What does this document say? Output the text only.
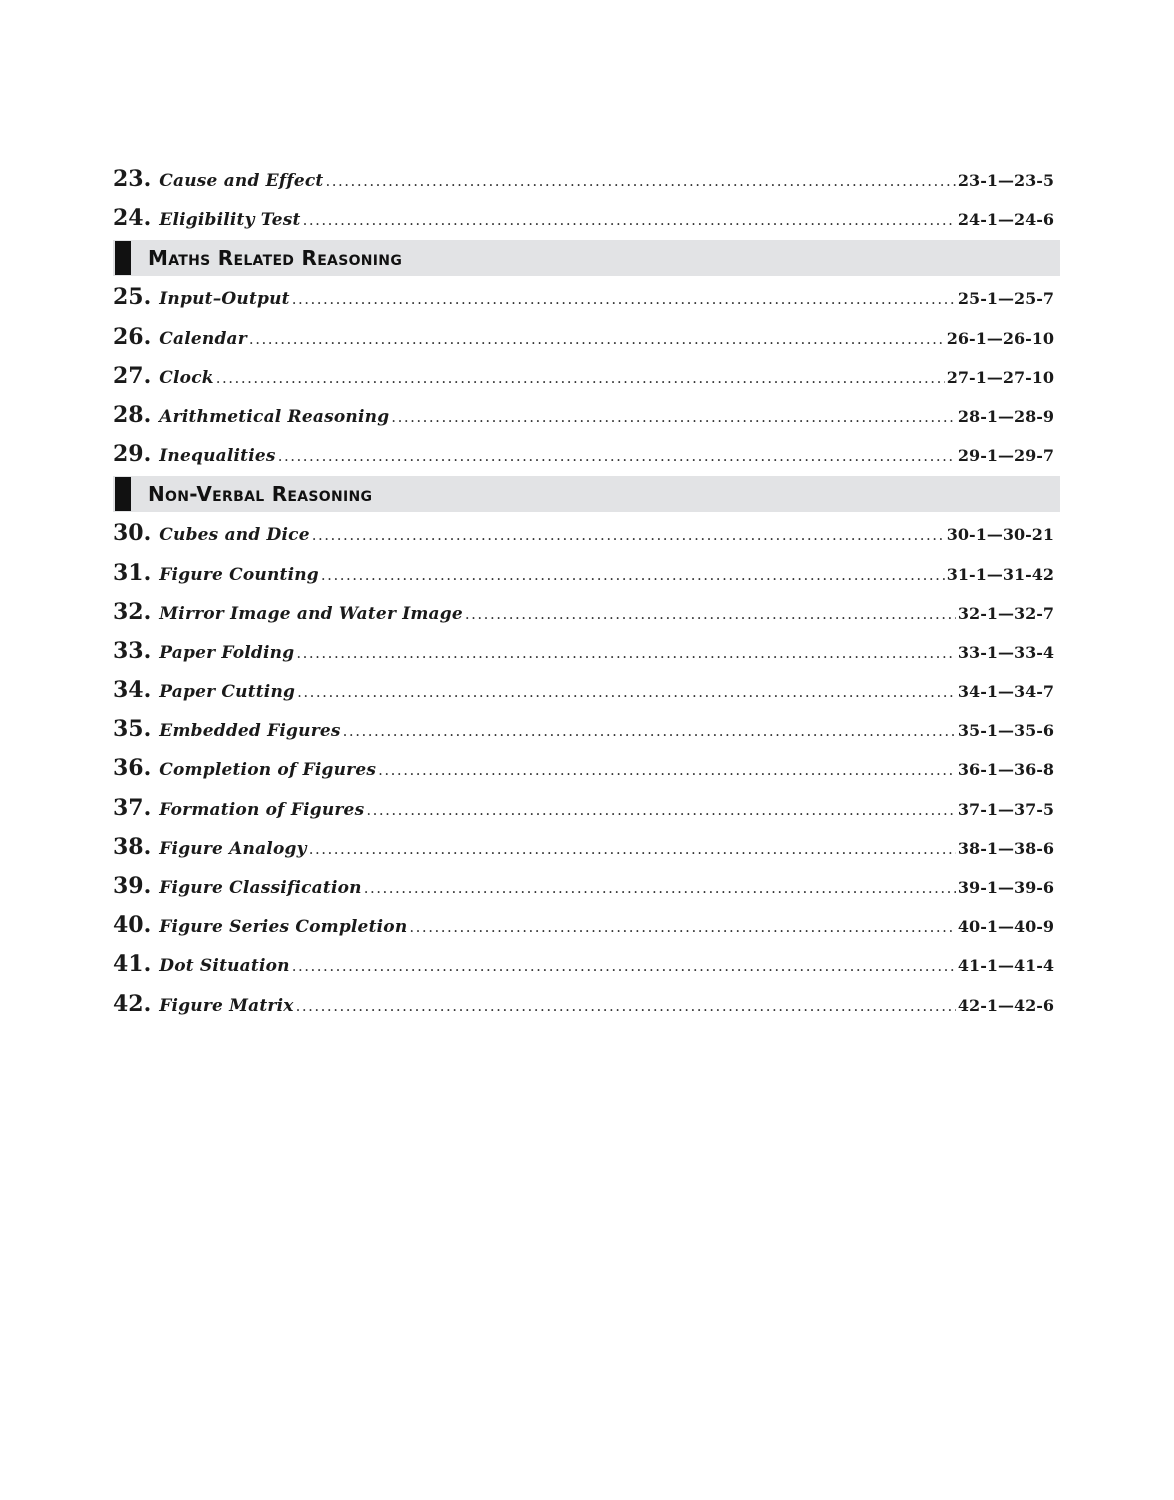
23. Cause and Effect .....	23-1—23-5
24. Eligibility Test .....	24-1—24-6
Maths Related Reasoning
25. Input–Output .....	25-1—25-7
26. Calendar .....	26-1—26-10
27. Clock .....	27-1—27-10
28. Arithmetical Reasoning .....	28-1—28-9
29. Inequalities .....	29-1—29-7
Non-Verbal Reasoning
30. Cubes and Dice .....	30-1—30-21
31. Figure Counting .....	31-1—31-42
32. Mirror Image and Water Image .....	32-1—32-7
33. Paper Folding .....	33-1—33-4
34. Paper Cutting .....	34-1—34-7
35. Embedded Figures .....	35-1—35-6
36. Completion of Figures .....	36-1—36-8
37. Formation of Figures .....	37-1—37-5
38. Figure Analogy .....	38-1—38-6
39. Figure Classification .....	39-1—39-6
40. Figure Series Completion .....	40-1—40-9
41. Dot Situation .....	41-1—41-4
42. Figure Matrix .....	42-1—42-6
